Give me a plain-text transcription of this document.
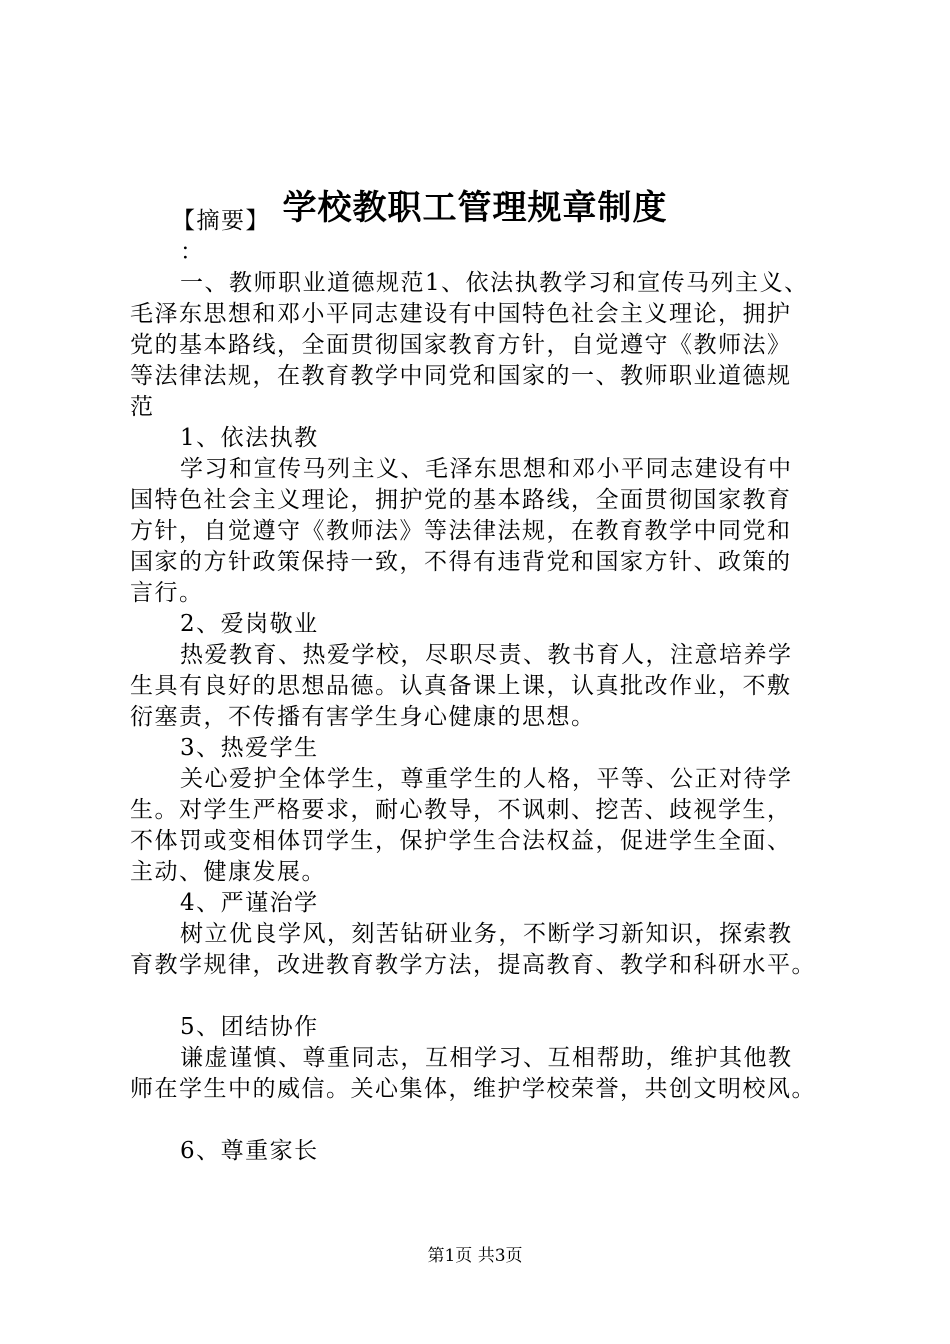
学校教职工管理规章制度
【摘要】
：
一、教师职业道德规范1、依法执教学习和宣传马列主义、
毛泽东思想和邓小平同志建设有中国特色社会主义理论，拥护
党的基本路线，全面贯彻国家教育方针，自觉遵守《教师法》
等法律法规，在教育教学中同党和国家的一、教师职业道德规
范
1、依法执教
学习和宣传马列主义、毛泽东思想和邓小平同志建设有中
国特色社会主义理论，拥护党的基本路线，全面贯彻国家教育
方针，自觉遵守《教师法》等法律法规，在教育教学中同党和
国家的方针政策保持一致，不得有违背党和国家方针、政策的
言行。
2、爱岗敬业
热爱教育、热爱学校，尽职尽责、教书育人，注意培养学
生具有良好的思想品德。认真备课上课，认真批改作业，不敷
衍塞责，不传播有害学生身心健康的思想。
3、热爱学生
关心爱护全体学生，尊重学生的人格，平等、公正对待学
生。对学生严格要求，耐心教导，不讽刺、挖苦、歧视学生，
不体罚或变相体罚学生，保护学生合法权益，促进学生全面、
主动、健康发展。
4、严谨治学
树立优良学风，刻苦钻研业务，不断学习新知识，探索教
育教学规律，改进教育教学方法，提高教育、教学和科研水平。
5、团结协作
谦虚谨慎、尊重同志，互相学习、互相帮助，维护其他教
师在学生中的威信。关心集体，维护学校荣誉，共创文明校风。
6、尊重家长
第1页 共3页
